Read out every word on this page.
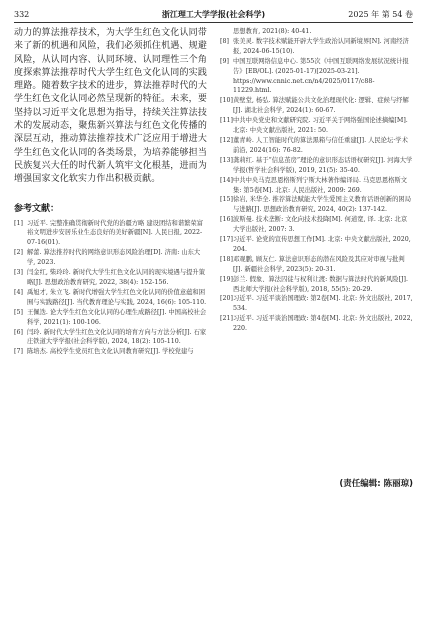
332	浙江理工大学学报(社会科学)	2025 年 第 54 卷

动力的算法推荐技术，为大学生红色文化认同带来了新的机遇和风险，我们必须抓住机遇、规避风险，从认同内容、认同环境、认同理性三个角度探索算法推荐时代大学生红色文化认同的实践理路。随着数字技术的进步，算法推荐时代的大学生红色文化认同必然呈现新的特征。未来，要坚持以习近平文化思想为指导，持续关注算法技术的发展动态，聚焦新兴算法与红色文化传播的深层互动，推动算法推荐技术广泛应用于增进大学生红色文化认同的各类场景，为培养能够担当民族复兴大任的时代新人筑牢文化根基，进而为增强国家文化软实力作出积极贡献。

参考文献：
[1] 习近平. 完整准确贯彻新时代党的治疆方略 建设团结和谐繁荣富裕文明进步安居乐业生态良好的美好新疆[N]. 人民日报, 2022-07-16(01).
[2] 解蕾. 算法推荐时代的网络意识形态风险治理[D]. 济南: 山东大学, 2023.
[3] 闫金红, 柴玲玲. 新时代大学生红色文化认同的现实境遇与提升策略[J]. 思想政治教育研究, 2022, 38(4): 152-156.
[4] 禹旭才, 朱立飞. 新时代增强大学生红色文化认同的价值意蕴和困囿与实践路径[J]. 当代教育理论与实践, 2024, 16(6): 105-110.
[5] 王佩迭. 论大学生红色文化认同的心理生成路径[J]. 中国高校社会科学, 2021(1): 100-106.
[6] 闫玲. 新时代大学生红色文化认同的培育方向与方法分析[J]. 石家庄铁道大学学报(社会科学版), 2024, 18(2): 105-110.
[7] 陈培杰. 高校学生党员红色文化认同教育研究[J]. 学校党建与
思想教育, 2021(8): 40-41.
[8] 张美灵. 数字技术赋能开辟大学生政治认同新境界[N]. 河南经济报, 2024-06-15(10).
[9] 中国互联网络信息中心. 第55次《中国互联网络发展状况统计报告》[EB/OL]. (2025-01-17)[2025-03-21]. https://www.cnnic.net.cn/n4/2025/0117/c88-11229.html.
[10] 黄壁堂, 杨弘. 算法赋能公共文化治理现代化: 逻辑、症候与纾解[J]. 湖北社会科学, 2024(1): 60-67.
[11] 中共中央党史和文献研究院. 习近平关于网络强国论述摘编[M]. 北京: 中央文献出版社, 2021: 50.
[12] 董青岭. 人工智能时代的算法黑箱与信任重建[J]. 人民论坛·学术前沿, 2024(16): 76-82.
[13] 龚莉红. 基于“信息茧房”理论的意识形态话语权研究[J]. 河海大学学报(哲学社会科学版), 2019, 21(5): 35-40.
[14] 中共中央马克思恩格斯列宁斯大林著作编译局. 马克思恩格斯文集: 第5卷[M]. 北京: 人民出版社, 2009: 269.
[15] 徐岩, 米华全. 推荐算法赋能大学生爱国主义教育话语创新的困局与进路[J]. 思想政治教育研究, 2024, 40(2): 137-142.
[16] 波斯曼. 技术垄断: 文化向技术投降[M]. 何道宽, 译. 北京: 北京大学出版社, 2007: 3.
[17] 习近平. 论党的宣传思想工作[M]. 北京: 中央文献出版社, 2020, 204.
[18] 邓观鹏, 顾友仁. 算法意识形态的潜在风险及其应对审视与批判[J]. 新疆社会科学, 2023(5): 20-31.
[19] 彭兰. 假象、算法囚徒与权利让渡: 数据与算法时代的新风险[J]. 西北师大学报(社会科学版), 2018, 55(5): 20-29.
[20] 习近平. 习近平谈治国理政: 第2卷[M]. 北京: 外文出版社, 2017, 534.
[21] 习近平. 习近平谈治国理政: 第4卷[M]. 北京: 外文出版社, 2022, 220.
(责任编辑: 陈丽琼)
